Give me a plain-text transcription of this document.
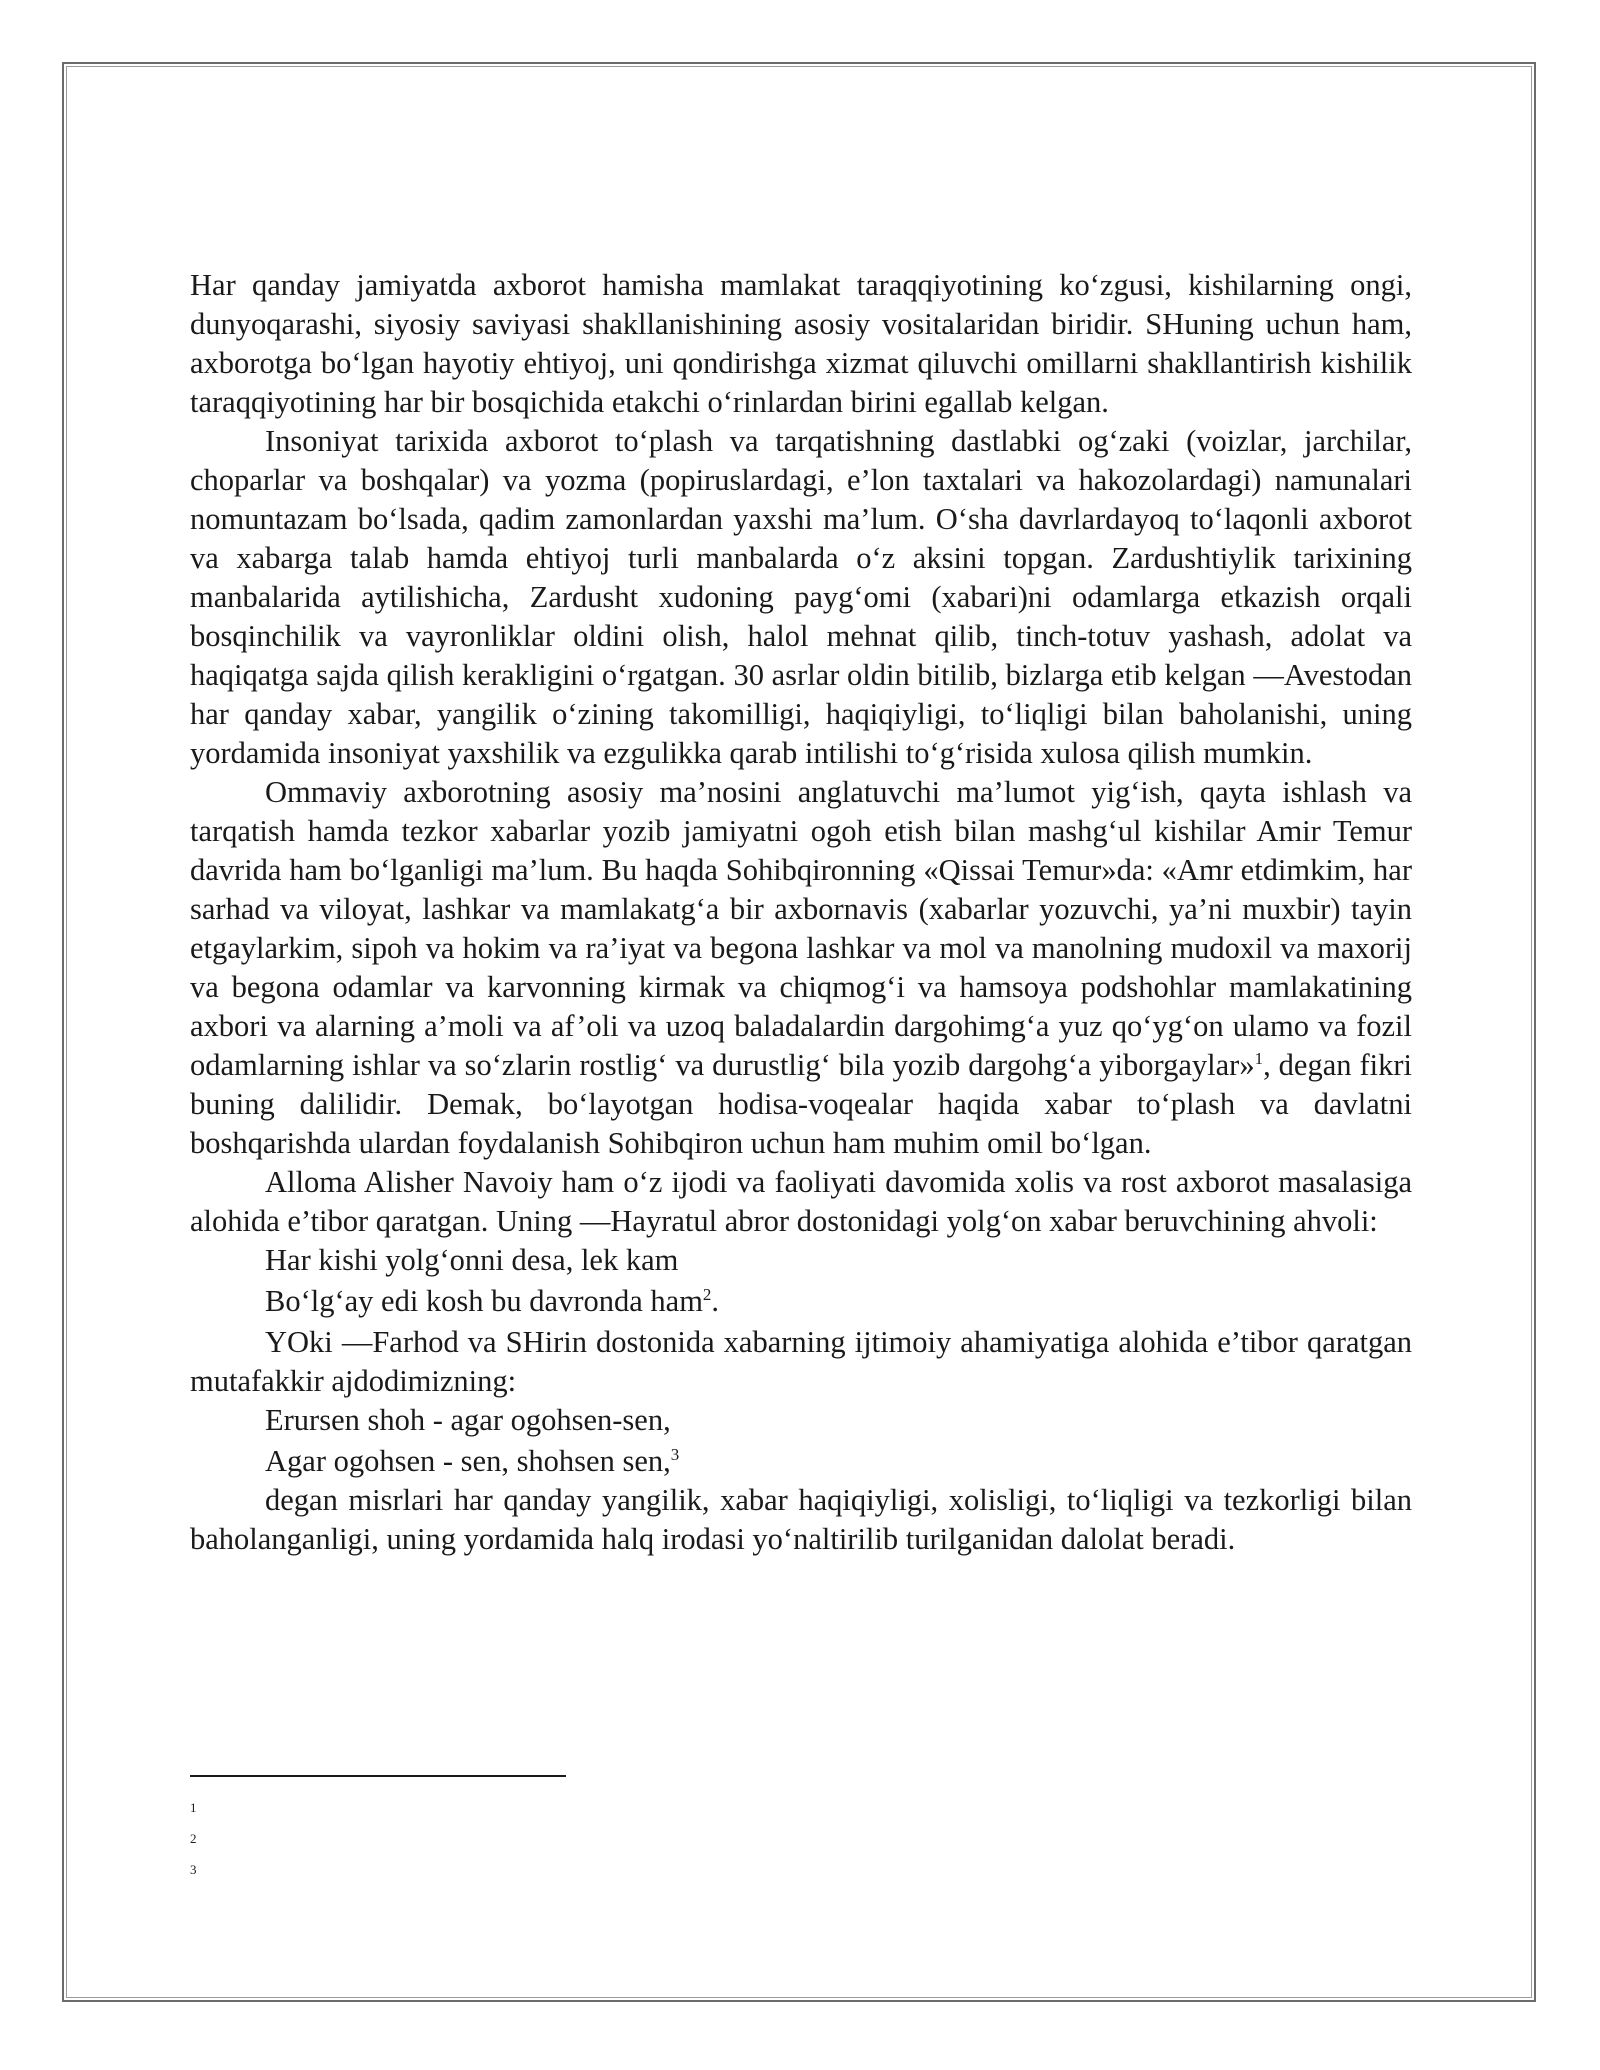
Har qanday jamiyatda axborot hamisha mamlakat taraqqiyotining koʻzgusi, kishilarning ongi, dunyoqarashi, siyosiy saviyasi shakllanishining asosiy vositalaridan biridir. SHuning uchun ham, axborotga boʻlgan hayotiy ehtiyoj, uni qondirishga xizmat qiluvchi omillarni shakllantirish kishilik taraqqiyotining har bir bosqichida etakchi oʻrinlardan birini egallab kelgan.

Insoniyat tarixida axborot toʻplash va tarqatishning dastlabki ogʻzaki (voizlar, jarchilar, choparlar va boshqalar) va yozma (popiruslardagi, e’lon taxtalari va hakozolardagi) namunalari nomuntazam boʻlsada, qadim zamonlardan yaxshi ma’lum. Oʻsha davrlardayoq toʻlaqonli axborot va xabarga talab hamda ehtiyoj turli manbalarda oʻz aksini topgan. Zardushtiylik tarixining manbalarida aytilishicha, Zardusht xudoning paygʻomi (xabari)ni odamlarga etkazish orqali bosqinchilik va vayronliklar oldini olish, halol mehnat qilib, tinch-totuv yashash, adolat va haqiqatga sajda qilish kerakligini oʻrgatgan. 30 asrlar oldin bitilib, bizlarga etib kelgan ―Avestodan har qanday xabar, yangilik oʻzining takomilligi, haqiqiyligi, toʻliqligi bilan baholanishi, uning yordamida insoniyat yaxshilik va ezgulikka qarab intilishi toʻgʻrisida xulosa qilish mumkin.

Ommaviy axborotning asosiy ma’nosini anglatuvchi ma’lumot yigʻish, qayta ishlash va tarqatish hamda tezkor xabarlar yozib jamiyatni ogoh etish bilan mashgʻul kishilar Amir Temur davrida ham boʻlganligi ma’lum. Bu haqda Sohibqironning «Qissai Temur»da: «Amr etdimkim, har sarhad va viloyat, lashkar va mamlakatgʻa bir axbornavis (xabarlar yozuvchi, ya’ni muxbir) tayin etgaylarkim, sipoh va hokim va ra’iyat va begona lashkar va mol va manolning mudoxil va maxorij va begona odamlar va karvonning kirmak va chiqmogʻi va hamsoya podshohlar mamlakatining axbori va alarning a’moli va af’oli va uzoq baladalardin dargohimgʻa yuz qoʻygʻon ulamo va fozil odamlarning ishlar va soʻzlarin rostligʻ va durustligʻ bila yozib dargohgʻa yiborgaylar»$^1$, degan fikri buning dalilidir. Demak, boʻlayotgan hodisa-voqealar haqida xabar toʻplash va davlatni boshqarishda ulardan foydalanish Sohibqiron uchun ham muhim omil boʻlgan.

Alloma Alisher Navoiy ham oʻz ijodi va faoliyati davomida xolis va rost axborot masalasiga alohida e’tibor qaratgan. Uning ―Hayratul abror dostonidagi yolgʻon xabar beruvchining ahvoli:

Har kishi yolgʻonni desa, lek kam

Boʻlgʻay edi kosh bu davronda ham$^2$.

YOki ―Farhod va SHirin dostonida xabarning ijtimoiy ahamiyatiga alohida e’tibor qaratgan mutafakkir ajdodimizning:

Erursen shoh - agar ogohsen-sen,

Agar ogohsen - sen, shohsen sen,$^3$

degan misrlari har qanday yangilik, xabar haqiqiyligi, xolisligi, toʻliqligi va tezkorligi bilan baholanganligi, uning yordamida halq irodasi yoʻnaltirilib turilganidan dalolat beradi.

1

2

3
